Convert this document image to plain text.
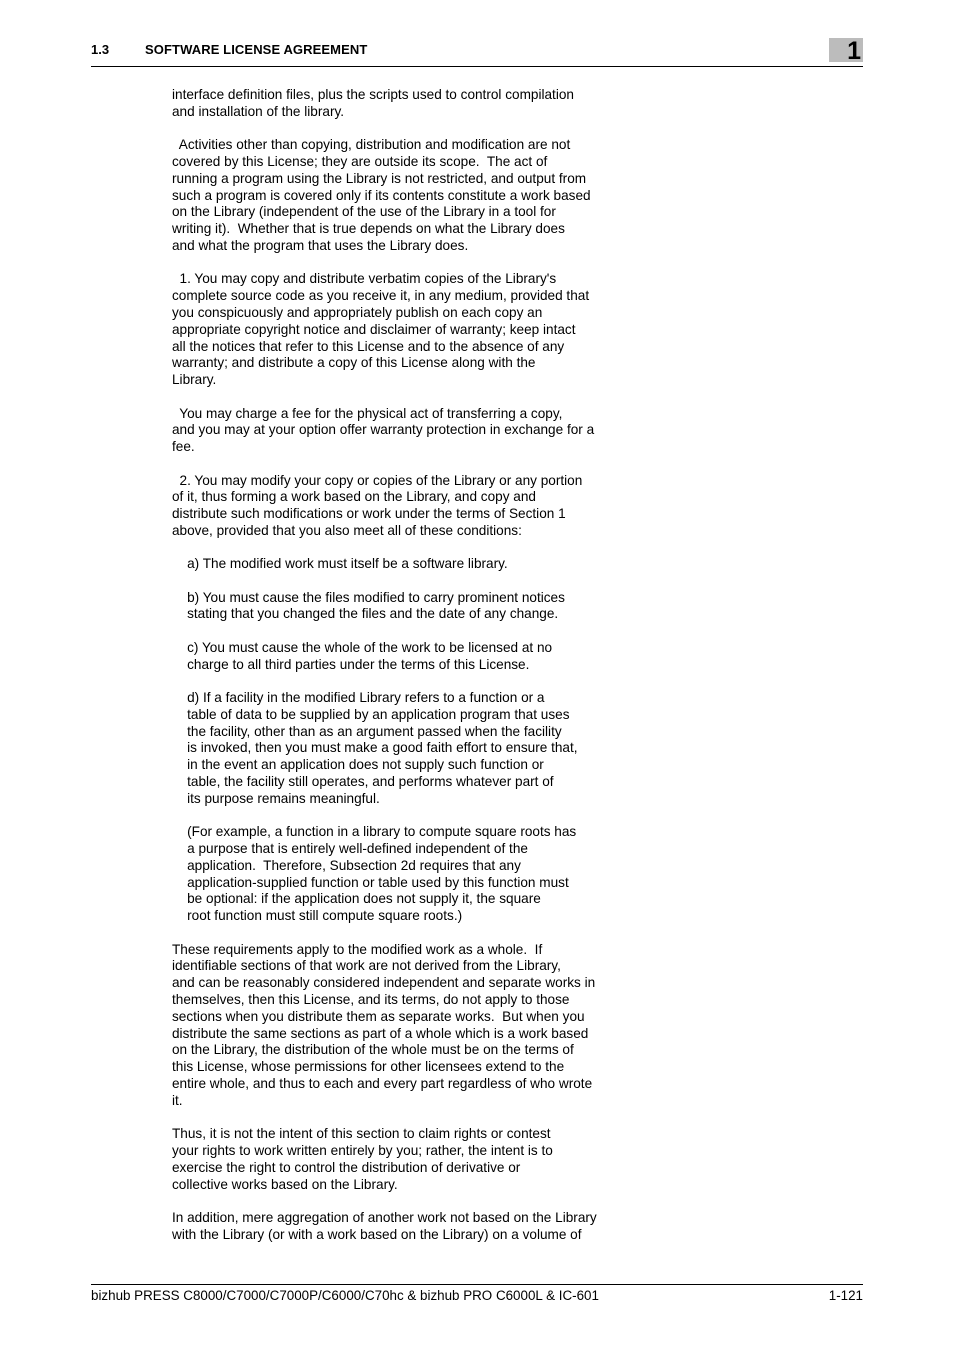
1.3	SOFTWARE LICENSE AGREEMENT	1

interface definition files, plus the scripts used to control compilation
and installation of the library.

Activities other than copying, distribution and modification are not
covered by this License; they are outside its scope.  The act of
running a program using the Library is not restricted, and output from
such a program is covered only if its contents constitute a work based
on the Library (independent of the use of the Library in a tool for
writing it).  Whether that is true depends on what the Library does
and what the program that uses the Library does.

1. You may copy and distribute verbatim copies of the Library's
complete source code as you receive it, in any medium, provided that
you conspicuously and appropriately publish on each copy an
appropriate copyright notice and disclaimer of warranty; keep intact
all the notices that refer to this License and to the absence of any
warranty; and distribute a copy of this License along with the
Library.

You may charge a fee for the physical act of transferring a copy,
and you may at your option offer warranty protection in exchange for a
fee.

2. You may modify your copy or copies of the Library or any portion
of it, thus forming a work based on the Library, and copy and
distribute such modifications or work under the terms of Section 1
above, provided that you also meet all of these conditions:

a) The modified work must itself be a software library.

b) You must cause the files modified to carry prominent notices
stating that you changed the files and the date of any change.

c) You must cause the whole of the work to be licensed at no
charge to all third parties under the terms of this License.

d) If a facility in the modified Library refers to a function or a
table of data to be supplied by an application program that uses
the facility, other than as an argument passed when the facility
is invoked, then you must make a good faith effort to ensure that,
in the event an application does not supply such function or
table, the facility still operates, and performs whatever part of
its purpose remains meaningful.

(For example, a function in a library to compute square roots has
a purpose that is entirely well-defined independent of the
application.  Therefore, Subsection 2d requires that any
application-supplied function or table used by this function must
be optional: if the application does not supply it, the square
root function must still compute square roots.)

These requirements apply to the modified work as a whole.  If
identifiable sections of that work are not derived from the Library,
and can be reasonably considered independent and separate works in
themselves, then this License, and its terms, do not apply to those
sections when you distribute them as separate works.  But when you
distribute the same sections as part of a whole which is a work based
on the Library, the distribution of the whole must be on the terms of
this License, whose permissions for other licensees extend to the
entire whole, and thus to each and every part regardless of who wrote
it.

Thus, it is not the intent of this section to claim rights or contest
your rights to work written entirely by you; rather, the intent is to
exercise the right to control the distribution of derivative or
collective works based on the Library.

In addition, mere aggregation of another work not based on the Library
with the Library (or with a work based on the Library) on a volume of

bizhub PRESS C8000/C7000/C7000P/C6000/C70hc & bizhub PRO C6000L & IC-601	1-121
